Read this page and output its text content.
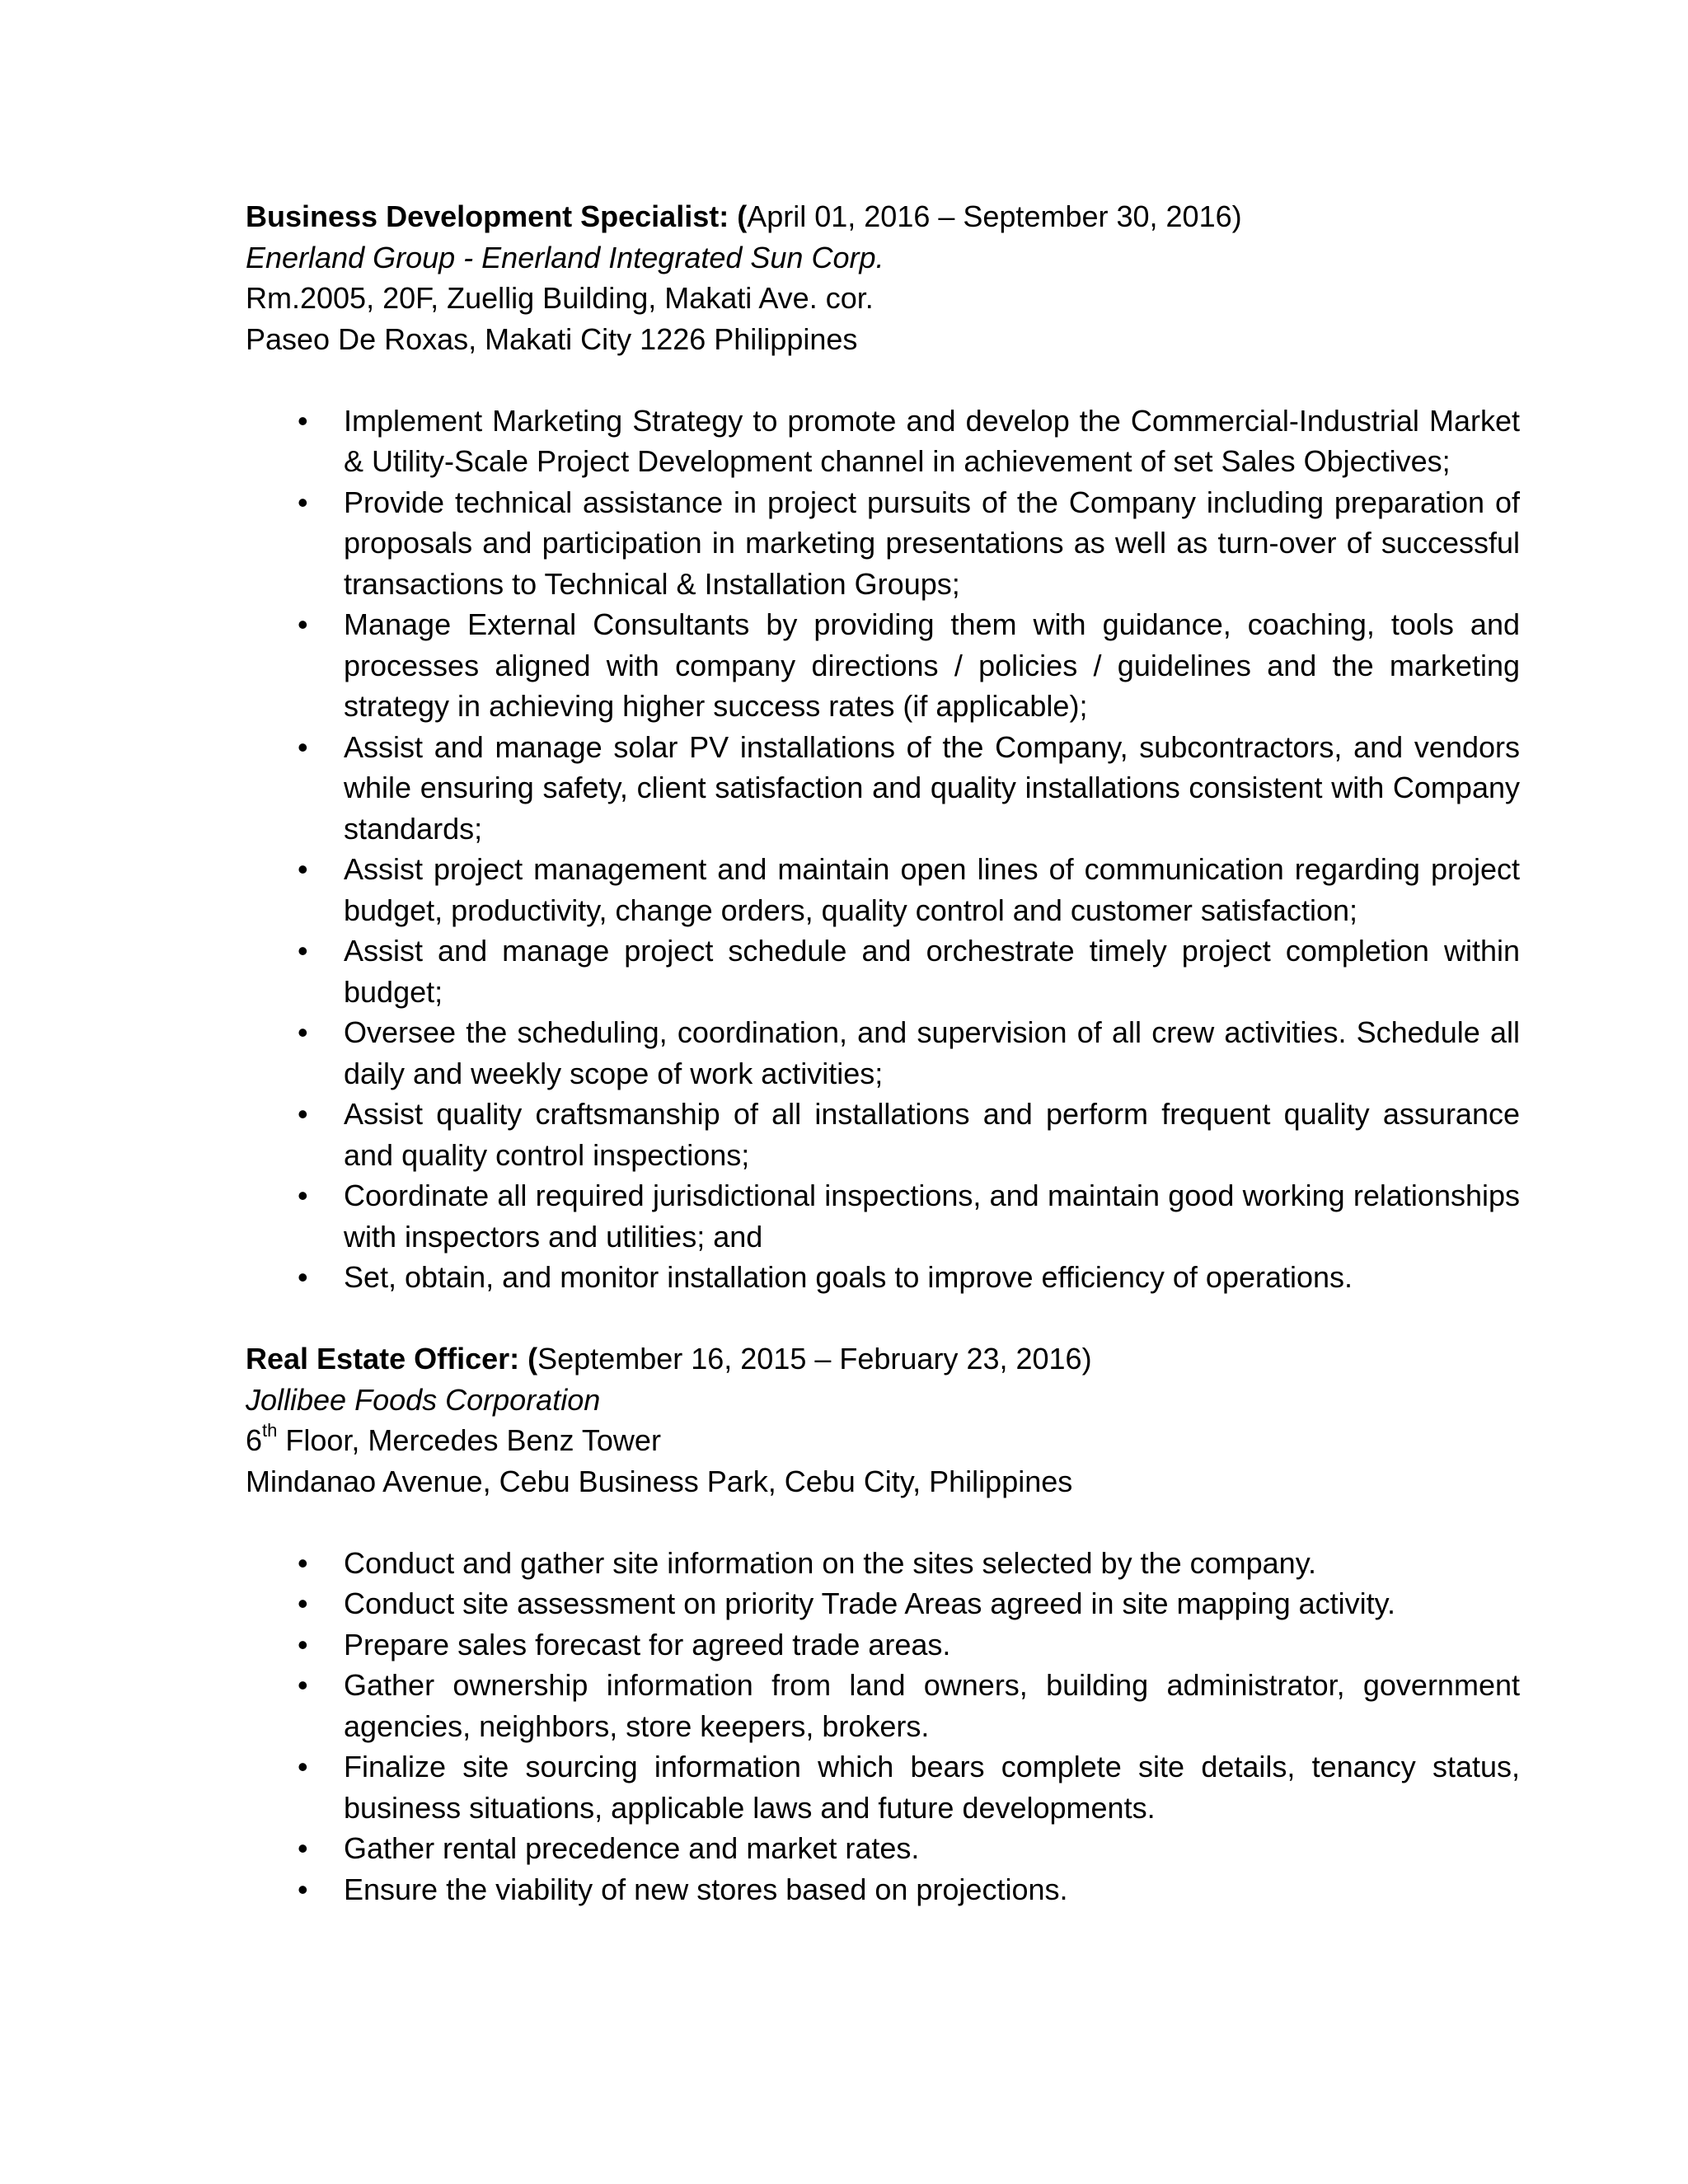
Business Development Specialist: (April 01, 2016 – September 30, 2016)
Enerland Group - Enerland Integrated Sun Corp.
Rm.2005, 20F, Zuellig Building, Makati Ave. cor.
Paseo De Roxas, Makati City 1226 Philippines
• Implement Marketing Strategy to promote and develop the Commercial-Industrial Market & Utility-Scale Project Development channel in achievement of set Sales Objectives;
• Provide technical assistance in project pursuits of the Company including preparation of proposals and participation in marketing presentations as well as turn-over of successful transactions to Technical & Installation Groups;
• Manage External Consultants by providing them with guidance, coaching, tools and processes aligned with company directions / policies / guidelines and the marketing strategy in achieving higher success rates (if applicable);
• Assist and manage solar PV installations of the Company, subcontractors, and vendors while ensuring safety, client satisfaction and quality installations consistent with Company standards;
• Assist project management and maintain open lines of communication regarding project budget, productivity, change orders, quality control and customer satisfaction;
• Assist and manage project schedule and orchestrate timely project completion within budget;
• Oversee the scheduling, coordination, and supervision of all crew activities. Schedule all daily and weekly scope of work activities;
• Assist quality craftsmanship of all installations and perform frequent quality assurance and quality control inspections;
• Coordinate all required jurisdictional inspections, and maintain good working relationships with inspectors and utilities; and
• Set, obtain, and monitor installation goals to improve efficiency of operations.
Real Estate Officer: (September 16, 2015 – February 23, 2016)
Jollibee Foods Corporation
6th Floor, Mercedes Benz Tower
Mindanao Avenue, Cebu Business Park, Cebu City, Philippines
• Conduct and gather site information on the sites selected by the company.
• Conduct site assessment on priority Trade Areas agreed in site mapping activity.
• Prepare sales forecast for agreed trade areas.
• Gather ownership information from land owners, building administrator, government agencies, neighbors, store keepers, brokers.
• Finalize site sourcing information which bears complete site details, tenancy status, business situations, applicable laws and future developments.
• Gather rental precedence and market rates.
• Ensure the viability of new stores based on projections.
